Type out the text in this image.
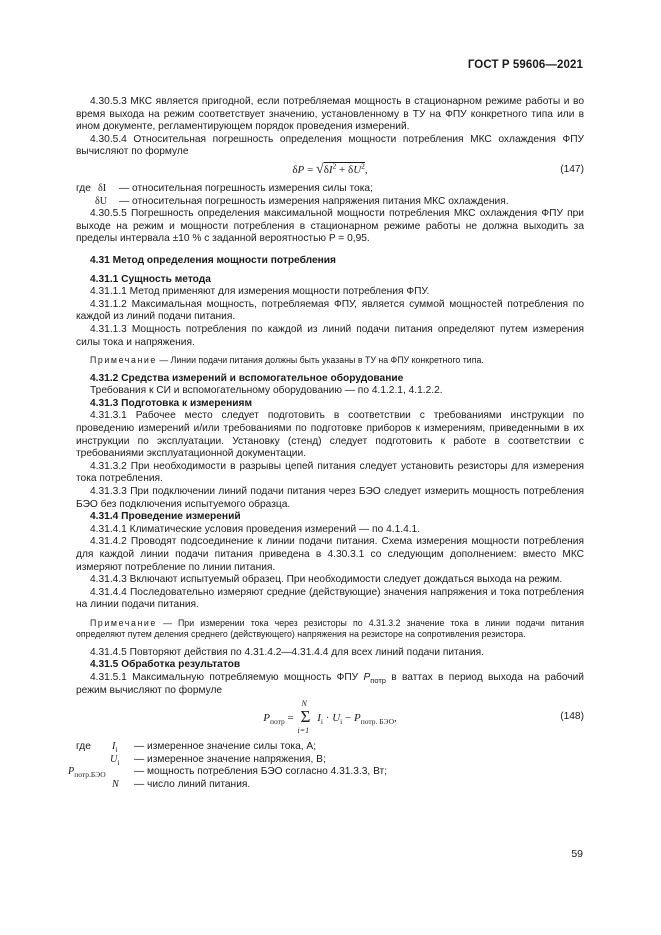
ГОСТ Р 59606—2021

4.30.5.3 МКС является пригодной, если потребляемая мощность в стационарном режиме работы и во время выхода на режим соответствует значению, установленному в ТУ на ФПУ конкретного типа или в ином документе, регламентирующем порядок проведения измерений.

4.30.5.4 Относительная погрешность определения мощности потребления МКС охлаждения ФПУ вычисляют по формуле

$\delta P = √\delta I^2 + \delta U^2$,	(147)
где δI — относительная погрешность измерения силы тока;
δU — относительная погрешность измерения напряжения питания МКС охлаждения.

4.30.5.5 Погрешность определения максимальной мощности потребления МКС охлаждения ФПУ при выходе на режим и мощности потребления в стационарном режиме работы не должна выходить за пределы интервала ±10 % с заданной вероятностью P = 0,95.

4.31 Метод определения мощности потребления

4.31.1 Сущность метода

4.31.1.1 Метод применяют для измерения мощности потребления ФПУ.

4.31.1.2 Максимальная мощность, потребляемая ФПУ, является суммой мощностей потребления по каждой из линий подачи питания.

4.31.1.3 Мощность потребления по каждой из линий подачи питания определяют путем измерения силы тока и напряжения.

Примечание — Линии подачи питания должны быть указаны в ТУ на ФПУ конкретного типа.

4.31.2 Средства измерений и вспомогательное оборудование

Требования к СИ и вспомогательному оборудованию — по 4.1.2.1, 4.1.2.2.

4.31.3 Подготовка к измерениям

4.31.3.1 Рабочее место следует подготовить в соответствии с требованиями инструкции по проведению измерений и/или требованиями по подготовке приборов к измерениям, приведенными в их инструкции по эксплуатации. Установку (стенд) следует подготовить к работе в соответствии с требованиями эксплуатационной документации.

4.31.3.2 При необходимости в разрывы цепей питания следует установить резисторы для измерения тока потребления.

4.31.3.3 При подключении линий подачи питания через БЭО следует измерить мощность потребления БЭО без подключения испытуемого образца.

4.31.4 Проведение измерений

4.31.4.1 Климатические условия проведения измерений — по 4.1.4.1.

4.31.4.2 Проводят подсоединение к линии подачи питания. Схема измерения мощности потребления для каждой линии подачи питания приведена в 4.30.3.1 со следующим дополнением: вместо МКС измеряют потребление по линии питания.

4.31.4.3 Включают испытуемый образец. При необходимости следует дождаться выхода на режим.

4.31.4.4 Последовательно измеряют средние (действующие) значения напряжения и тока потребления на линии подачи питания.

Примечание — При измерении тока через резисторы по 4.31.3.2 значение тока в линии подачи питания определяют путем деления среднего (действующего) напряжения на резисторе на сопротивления резистора.

4.31.4.5 Повторяют действия по 4.31.4.2—4.31.4.4 для всех линий подачи питания.

4.31.5 Обработка результатов

4.31.5.1 Максимальную потребляемую мощность ФПУ $P_{потр}$ в ваттах в период выхода на рабочий режим вычисляют по формуле

$P_{потр}$ =
N
Σ
i=1
$I_i \cdot U_i - P_{потр. БЭО}$,	(148)
где $I_i$ — измеренное значение силы тока, А;
$U_i$ — измеренное значение напряжения, В;
$P_{потр.БЭО}$	— мощность потребления БЭО согласно 4.31.3.3, Вт;
N — число линий питания.
59
